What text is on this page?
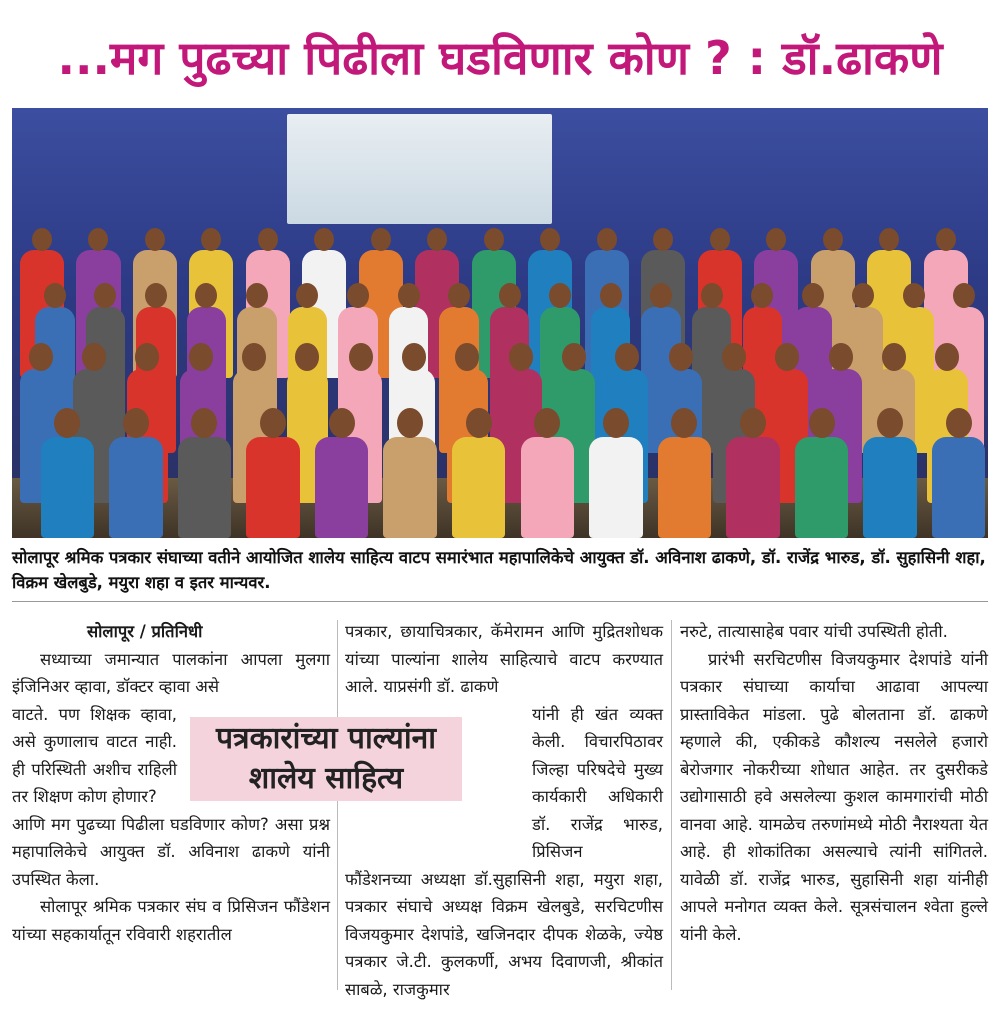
...मग पुढच्या पिढीला घडविणार कोण ? : डॉ.ढाकणे
सोलापूर श्रमिक पत्रकार संघाच्या वतीने आयोजित शालेय साहित्य वाटप समारंभात महापालिकेचे आयुक्त डॉ. अविनाश ढाकणे, डॉ. राजेंद्र भारुड, डॉ. सुहासिनी शहा, विक्रम खेलबुडे, मयुरा शहा व इतर मान्यवर.
सोलापूर / प्रतिनिधी

सध्याच्या जमान्यात पालकांना आपला मुलगा इंजिनिअर व्हावा, डॉक्टर व्हावा असे

वाटते. पण शिक्षक व्हावा, असे कुणालाच वाटत नाही. ही परिस्थिती अशीच राहिली तर शिक्षण कोण होणार?

आणि मग पुढच्या पिढीला घडविणार कोण? असा प्रश्न महापालिकेचे आयुक्त डॉ. अविनाश ढाकणे यांनी उपस्थित केला.

सोलापूर श्रमिक पत्रकार संघ व प्रिसिजन फौंडेशन यांच्या सहकार्यातून रविवारी शहरातील

पत्रकार, छायाचित्रकार, कॅमेरामन आणि मुद्रितशोधक यांच्या पाल्यांना शालेय साहित्याचे वाटप करण्यात आले. याप्रसंगी डॉ. ढाकणे

यांनी ही खंत व्यक्त केली. विचारपिठावर जिल्हा परिषदेचे मुख्य कार्यकारी अधिकारी डॉ. राजेंद्र भारुड, प्रिसिजन

फौंडेशनच्या अध्यक्षा डॉ.सुहासिनी शहा, मयुरा शहा, पत्रकार संघाचे अध्यक्ष विक्रम खेलबुडे, सरचिटणीस विजयकुमार देशपांडे, खजिनदार दीपक शेळके, ज्येष्ठ पत्रकार जे.टी. कुलकर्णी, अभय दिवाणजी, श्रीकांत साबळे, राजकुमार

पत्रकारांच्या पाल्यांना
शालेय साहित्य

नरुटे, तात्यासाहेब पवार यांची उपस्थिती होती.

प्रारंभी सरचिटणीस विजयकुमार देशपांडे यांनी पत्रकार संघाच्या कार्याचा आढावा आपल्या प्रास्ताविकेत मांडला. पुढे बोलताना डॉ. ढाकणे म्हणाले की, एकीकडे कौशल्य नसलेले हजारो बेरोजगार नोकरीच्या शोधात आहेत. तर दुसरीकडे उद्योगासाठी हवे असलेल्या कुशल कामगारांची मोठी वानवा आहे. यामळेच तरुणांमध्ये मोठी नैराश्यता येत आहे. ही शोकांतिका असल्याचे त्यांनी सांगितले. यावेळी डॉ. राजेंद्र भारुड, सुहासिनी शहा यांनीही आपले मनोगत व्यक्त केले. सूत्रसंचालन श्वेता हुल्ले यांनी केले.
